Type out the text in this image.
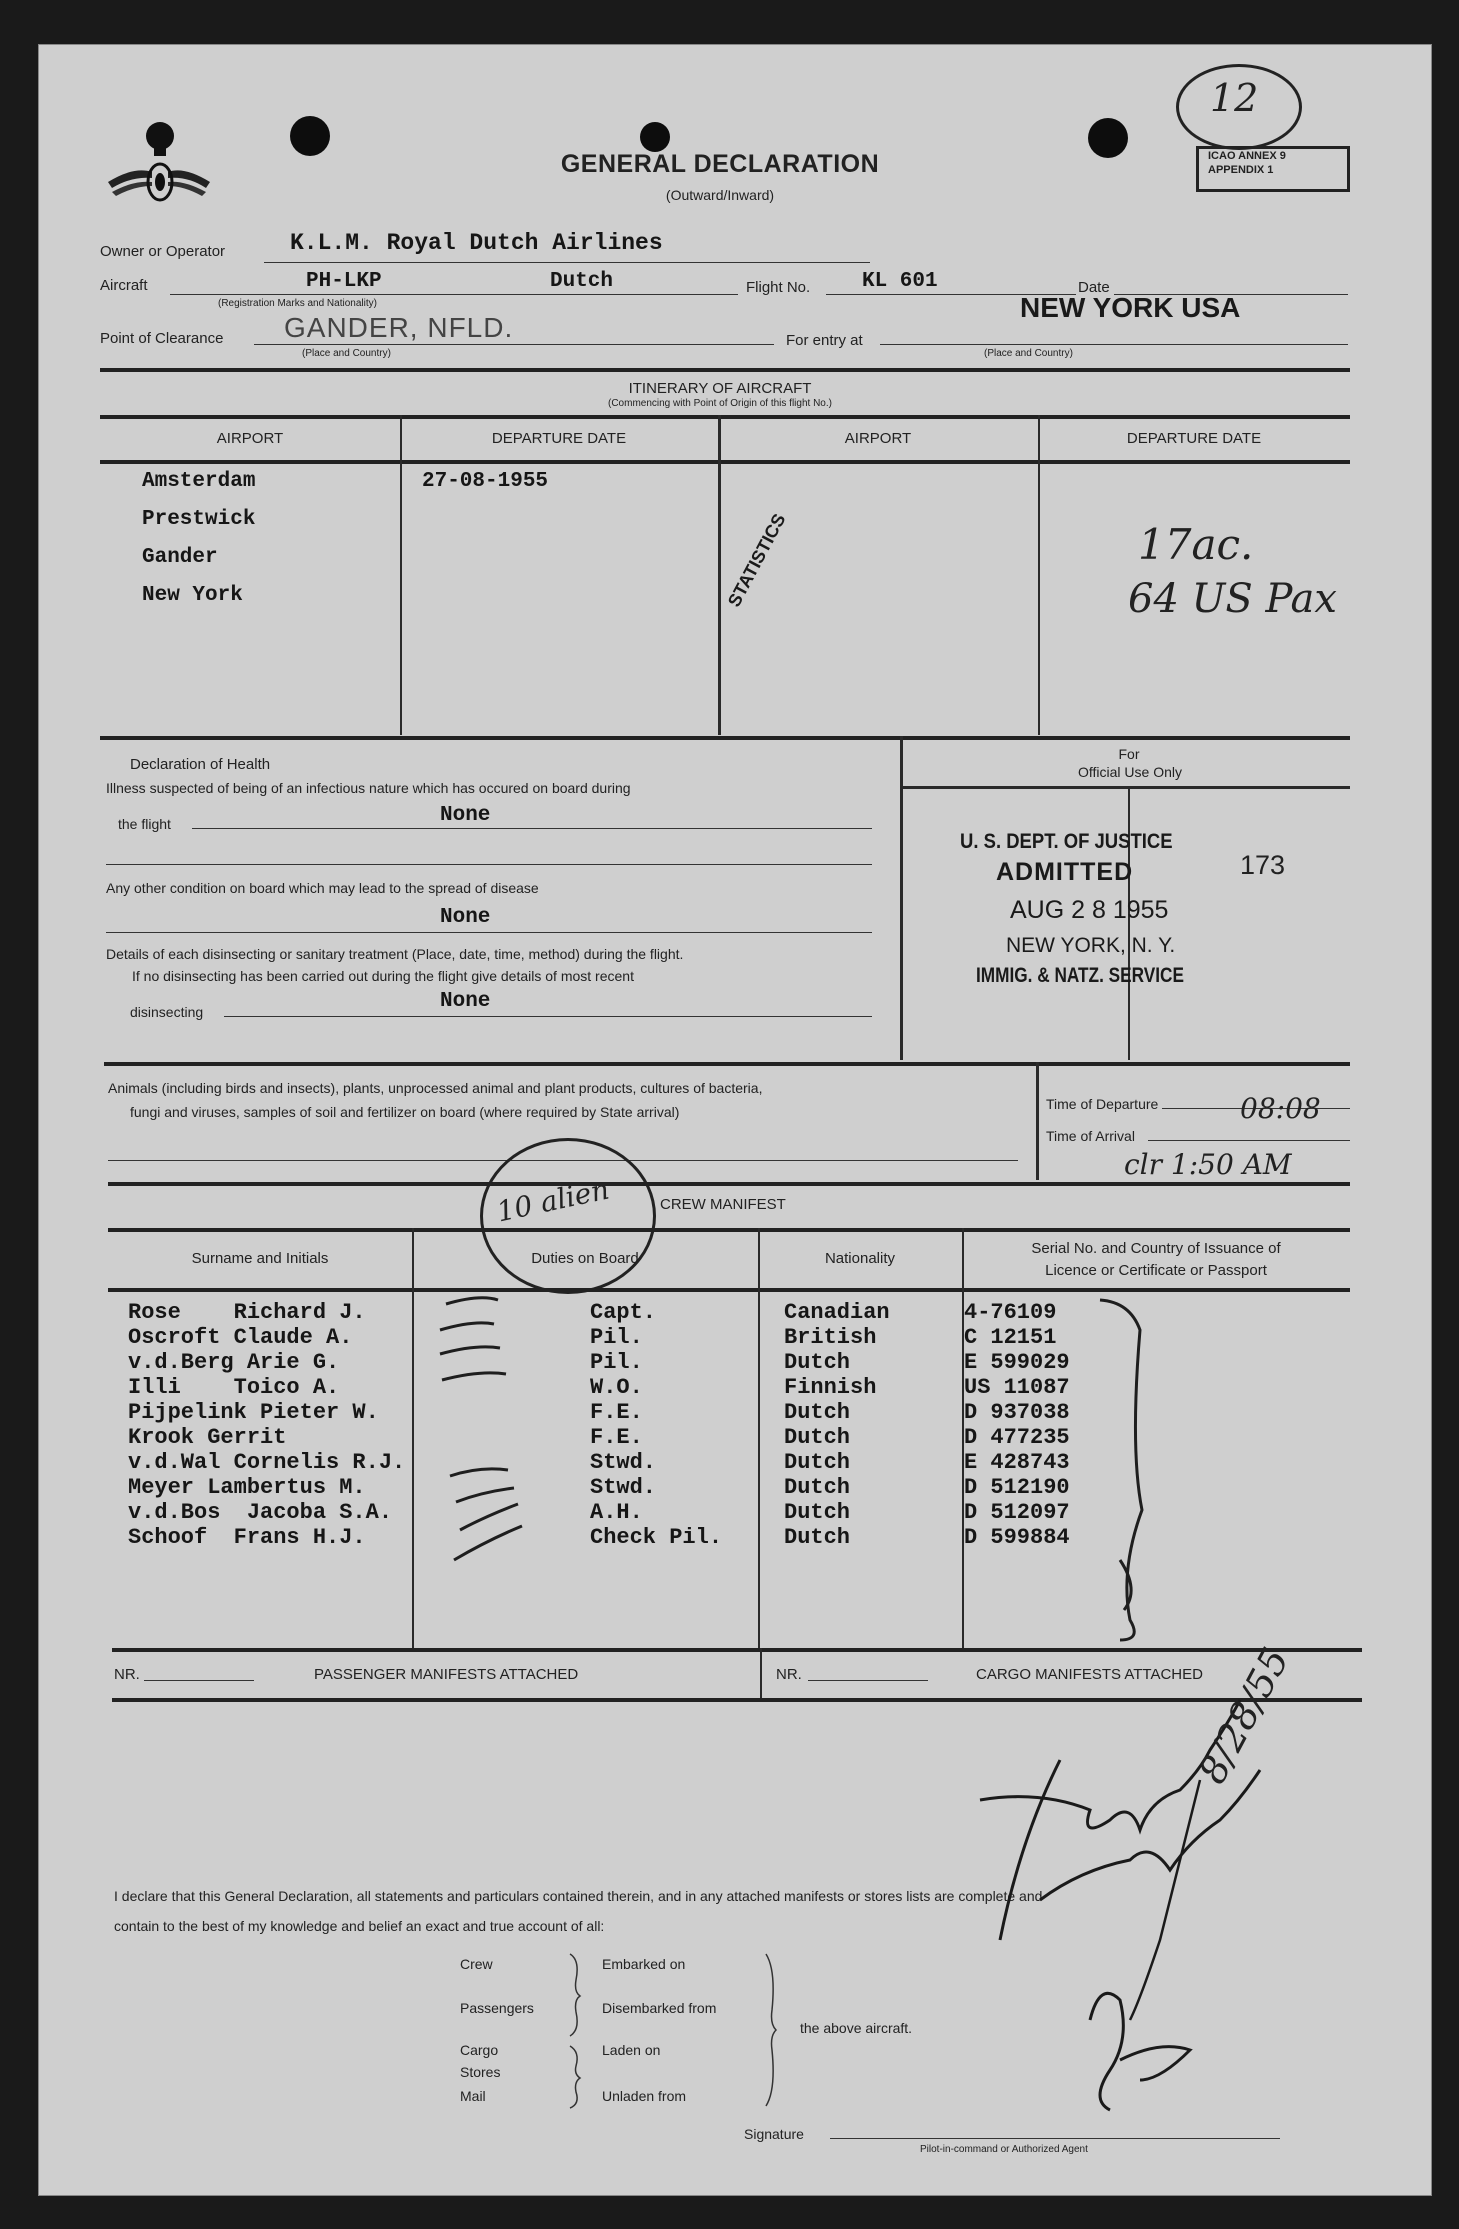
GENERAL DECLARATION
(Outward/Inward)
ICAO ANNEX 9
APPENDIX 1
12
Owner or Operator	K.L.M. Royal Dutch Airlines
Aircraft	PH-LKP	Dutch
(Registration Marks and Nationality)
Flight No. KL 601	Date
Point of Clearance GANDER, NFLD.
(Place and Country)
For entry at
NEW YORK USA
(Place and Country)
ITINERARY OF AIRCRAFT
(Commencing with Point of Origin of this flight No.)
AIRPORT	DEPARTURE DATE	AIRPORT	DEPARTURE DATE
Amsterdam
Prestwick
Gander
New York
27-08-1955
STATISTICS	17ac.
64 US Pax
Declaration of Health
Illness suspected of being of an infectious nature which has occured on board during
the flight	None
Any other condition on board which may lead to the spread of disease
None
Details of each disinsecting or sanitary treatment (Place, date, time, method) during the flight.
If no disinsecting has been carried out during the flight give details of most recent
disinsecting	None
For
Official Use Only
U. S. DEPT. OF JUSTICE
ADMITTED
AUG 2 8 1955
NEW YORK, N. Y.
IMMIG. & NATZ. SERVICE
173
Animals (including birds and insects), plants, unprocessed animal and plant products, cultures of bacteria,
fungi and viruses, samples of soil and fertilizer on board (where required by State arrival)	Time of Departure	08:08
Time of Arrival
clr 1:50 AM
10 alien	CREW MANIFEST
Surname and Initials	Duties on Board	Nationality
Serial No. and Country of Issuance of
Licence or Certificate or Passport
Rose    Richard J.	Capt.	Canadian	4-76109
Oscroft Claude A.	Pil.	British	C 12151
v.d.Berg Arie G.	Pil.	Dutch	E 599029
Illi    Toico A.	W.O.	Finnish	US 11087
Pijpelink Pieter W.	F.E.	Dutch	D 937038
Krook Gerrit	F.E.	Dutch	D 477235
v.d.Wal Cornelis R.J.	Stwd.	Dutch	E 428743
Meyer Lambertus M.	Stwd.	Dutch	D 512190
v.d.Bos  Jacoba S.A.	A.H.	Dutch	D 512097
Schoof  Frans H.J.	Check Pil.	Dutch	D 599884
NR.	PASSENGER MANIFESTS ATTACHED	NR.	CARGO MANIFESTS ATTACHED
I declare that this General Declaration, all statements and particulars contained therein, and in any attached manifests or stores lists are complete and
contain to the best of my knowledge and belief an exact and true account of all:
Crew
Passengers
Cargo
Stores
Mail
Embarked on
Disembarked from
Laden on
Unladen from
the above aircraft.
Signature
Pilot-in-command or Authorized Agent
8/28/55
